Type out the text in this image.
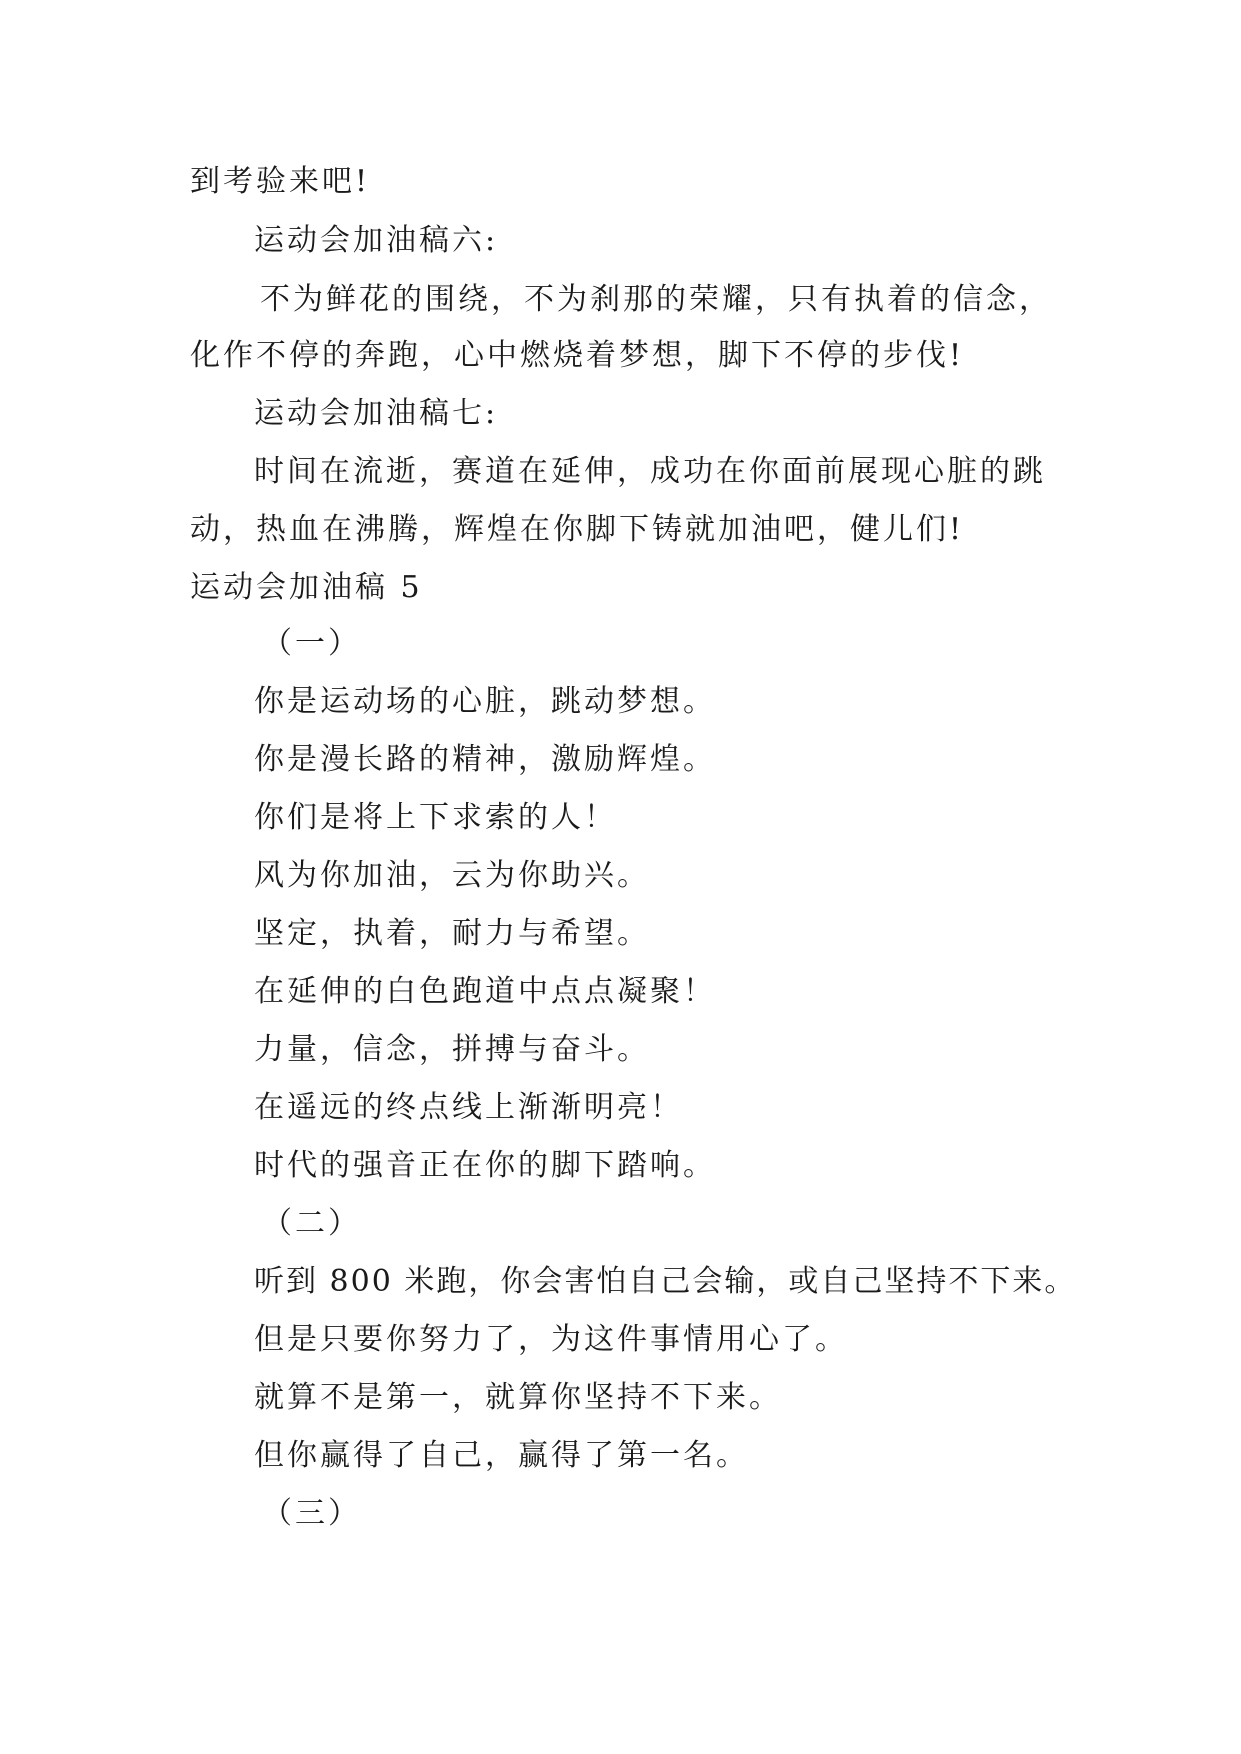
到考验来吧!
运动会加油稿六:
不为鲜花的围绕，不为刹那的荣耀，只有执着的信念，
化作不停的奔跑，心中燃烧着梦想，脚下不停的步伐!
运动会加油稿七:
时间在流逝，赛道在延伸，成功在你面前展现心脏的跳
动，热血在沸腾，辉煌在你脚下铸就加油吧，健儿们!
运动会加油稿 5
（一）
你是运动场的心脏，跳动梦想。
你是漫长路的精神，激励辉煌。
你们是将上下求索的人！
风为你加油，云为你助兴。
坚定，执着，耐力与希望。
在延伸的白色跑道中点点凝聚！
力量，信念，拼搏与奋斗。
在遥远的终点线上渐渐明亮！
时代的强音正在你的脚下踏响。
（二）
听到 800 米跑，你会害怕自己会输，或自己坚持不下来。
但是只要你努力了，为这件事情用心了。
就算不是第一，就算你坚持不下来。
但你赢得了自己，赢得了第一名。
（三）
